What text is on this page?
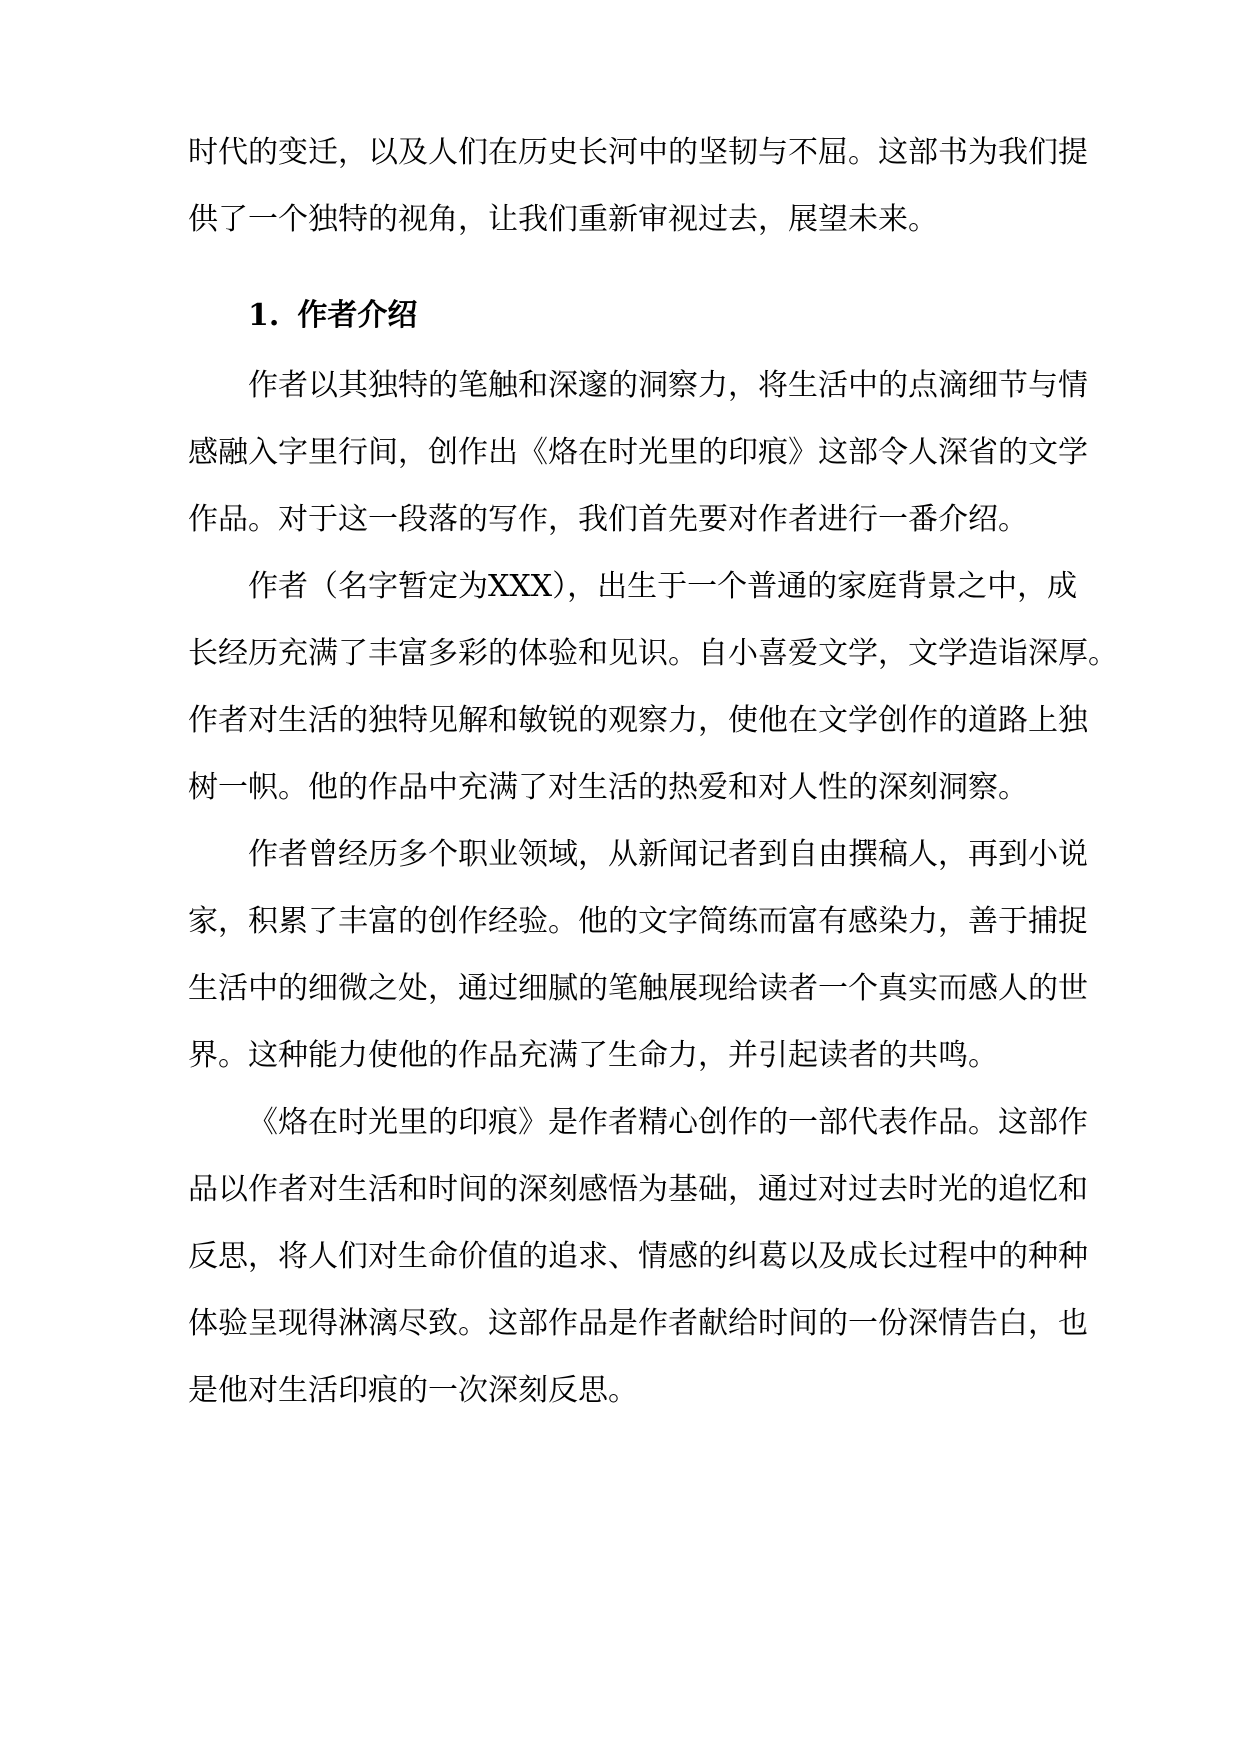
时代的变迁，以及人们在历史长河中的坚韧与不屈。这部书为我们提
供了一个独特的视角，让我们重新审视过去，展望未来。
1. 作者介绍
作者以其独特的笔触和深邃的洞察力，将生活中的点滴细节与情
感融入字里行间，创作出《烙在时光里的印痕》这部令人深省的文学
作品。对于这一段落的写作，我们首先要对作者进行一番介绍。
作者（名字暂定为XXX），出生于一个普通的家庭背景之中，成
长经历充满了丰富多彩的体验和见识。自小喜爱文学，文学造诣深厚。
作者对生活的独特见解和敏锐的观察力，使他在文学创作的道路上独
树一帜。他的作品中充满了对生活的热爱和对人性的深刻洞察。
作者曾经历多个职业领域，从新闻记者到自由撰稿人，再到小说
家，积累了丰富的创作经验。他的文字简练而富有感染力，善于捕捉
生活中的细微之处，通过细腻的笔触展现给读者一个真实而感人的世
界。这种能力使他的作品充满了生命力，并引起读者的共鸣。
《烙在时光里的印痕》是作者精心创作的一部代表作品。这部作
品以作者对生活和时间的深刻感悟为基础，通过对过去时光的追忆和
反思，将人们对生命价值的追求、情感的纠葛以及成长过程中的种种
体验呈现得淋漓尽致。这部作品是作者献给时间的一份深情告白，也
是他对生活印痕的一次深刻反思。
